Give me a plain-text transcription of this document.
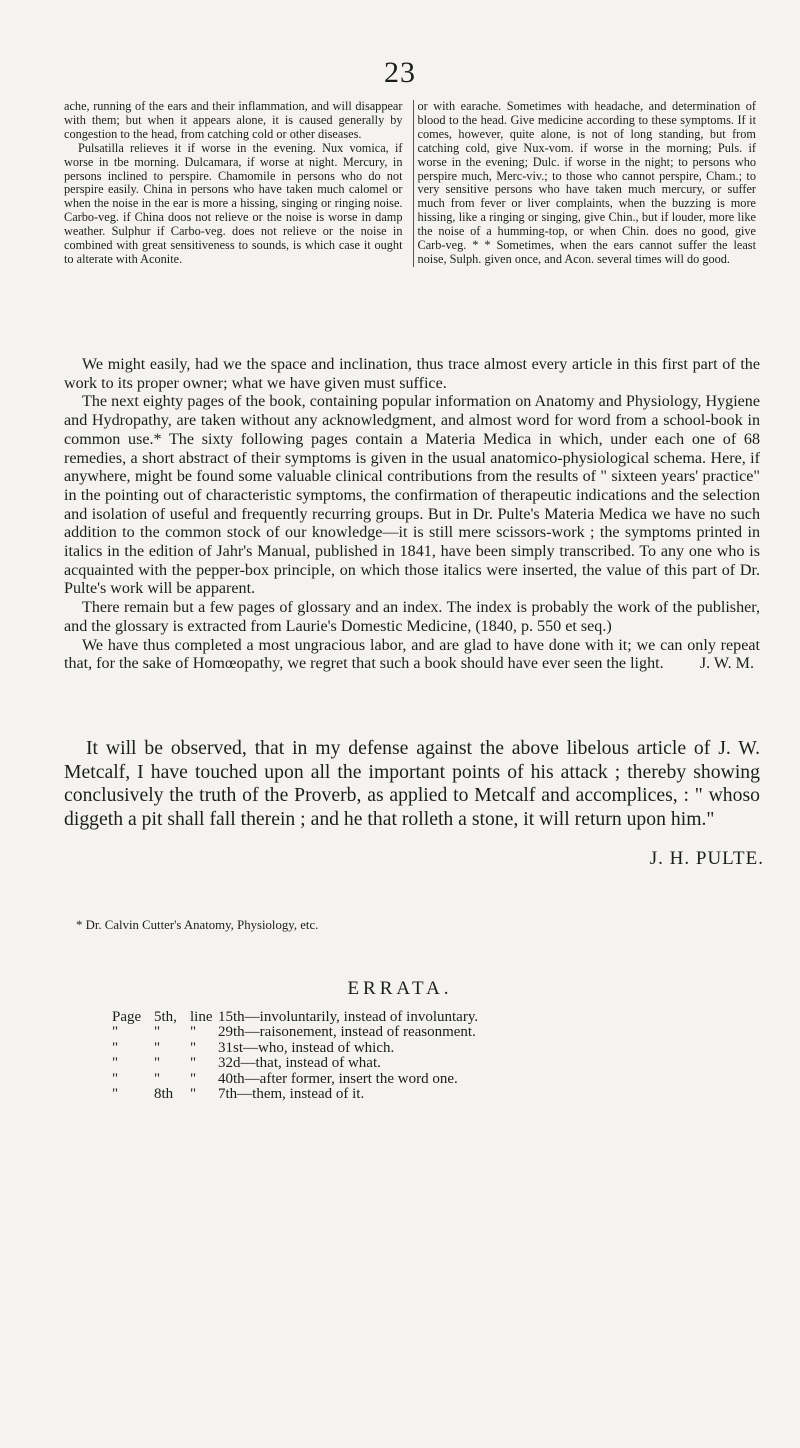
23

ache, running of the ears and their inflammation, and will disappear with them; but when it appears alone, it is caused generally by congestion to the head, from catching cold or other diseases.

Pulsatilla relieves it if worse in the evening. Nux vomica, if worse in tbe morning. Dulcamara, if worse at night. Mercury, in persons inclined to perspire. Chamomile in persons who do not perspire easily. China in persons who have taken much calomel or when the noise in the ear is more a hissing, singing or ringing noise. Carbo-veg. if China doos not relieve or the noise is worse in damp weather. Sulphur if Carbo-veg. does not relieve or the noise in combined with great sensitiveness to sounds, is which case it ought to alterate with Aconite.

or with earache. Sometimes with headache, and determination of blood to the head. Give medicine according to these symptoms. If it comes, however, quite alone, is not of long standing, but from catching cold, give Nux-vom. if worse in the morning; Puls. if worse in the evening; Dulc. if worse in the night; to persons who perspire much, Merc-viv.; to those who cannot perspire, Cham.; to very sensitive persons who have taken much mercury, or suffer much from fever or liver complaints, when the buzzing is more hissing, like a ringing or singing, give Chin., but if louder, more like the noise of a humming-top, or when Chin. does no good, give Carb-veg. * * Sometimes, when the ears cannot suffer the least noise, Sulph. given once, and Acon. several times will do good.

We might easily, had we the space and inclination, thus trace almost every article in this first part of the work to its proper owner; what we have given must suffice.

The next eighty pages of the book, containing popular information on Anatomy and Physiology, Hygiene and Hydropathy, are taken without any acknowledgment, and almost word for word from a school-book in common use.* The sixty following pages contain a Materia Medica in which, under each one of 68 remedies, a short abstract of their symptoms is given in the usual anatomico-physiological schema. Here, if anywhere, might be found some valuable clinical contributions from the results of " sixteen years' practice" in the pointing out of characteristic symptoms, the confirmation of therapeutic indications and the selection and isolation of useful and frequently recurring groups. But in Dr. Pulte's Materia Medica we have no such addition to the common stock of our knowledge—it is still mere scissors-work ; the symptoms printed in italics in the edition of Jahr's Manual, published in 1841, have been simply transcribed. To any one who is acquainted with the pepper-box principle, on which those italics were inserted, the value of this part of Dr. Pulte's work will be apparent.

There remain but a few pages of glossary and an index. The index is probably the work of the publisher, and the glossary is extracted from Laurie's Domestic Medicine, (1840, p. 550 et seq.)

We have thus completed a most ungracious labor, and are glad to have done with it; we can only repeat that, for the sake of Homœopathy, we regret that such a book should have ever seen the light.	J. W. M.

It will be observed, that in my defense against the above libelous article of J. W. Metcalf, I have touched upon all the important points of his attack ; thereby showing conclusively the truth of the Proverb, as applied to Metcalf and accomplices, : " whoso diggeth a pit shall fall therein ; and he that rolleth a stone, it will return upon him."

J. H. PULTE.
* Dr. Calvin Cutter's Anatomy, Physiology, etc.
ERRATA.
Page 5th, line 15th—involuntarily, instead of involuntary.
"	"	"	29th—raisonement, instead of reasonment.
"	"	"	31st—who, instead of which.
"	"	"	32d—that, instead of what.
"	"	"	40th—after former, insert the word one.
"	8th	"	7th—them, instead of it.
